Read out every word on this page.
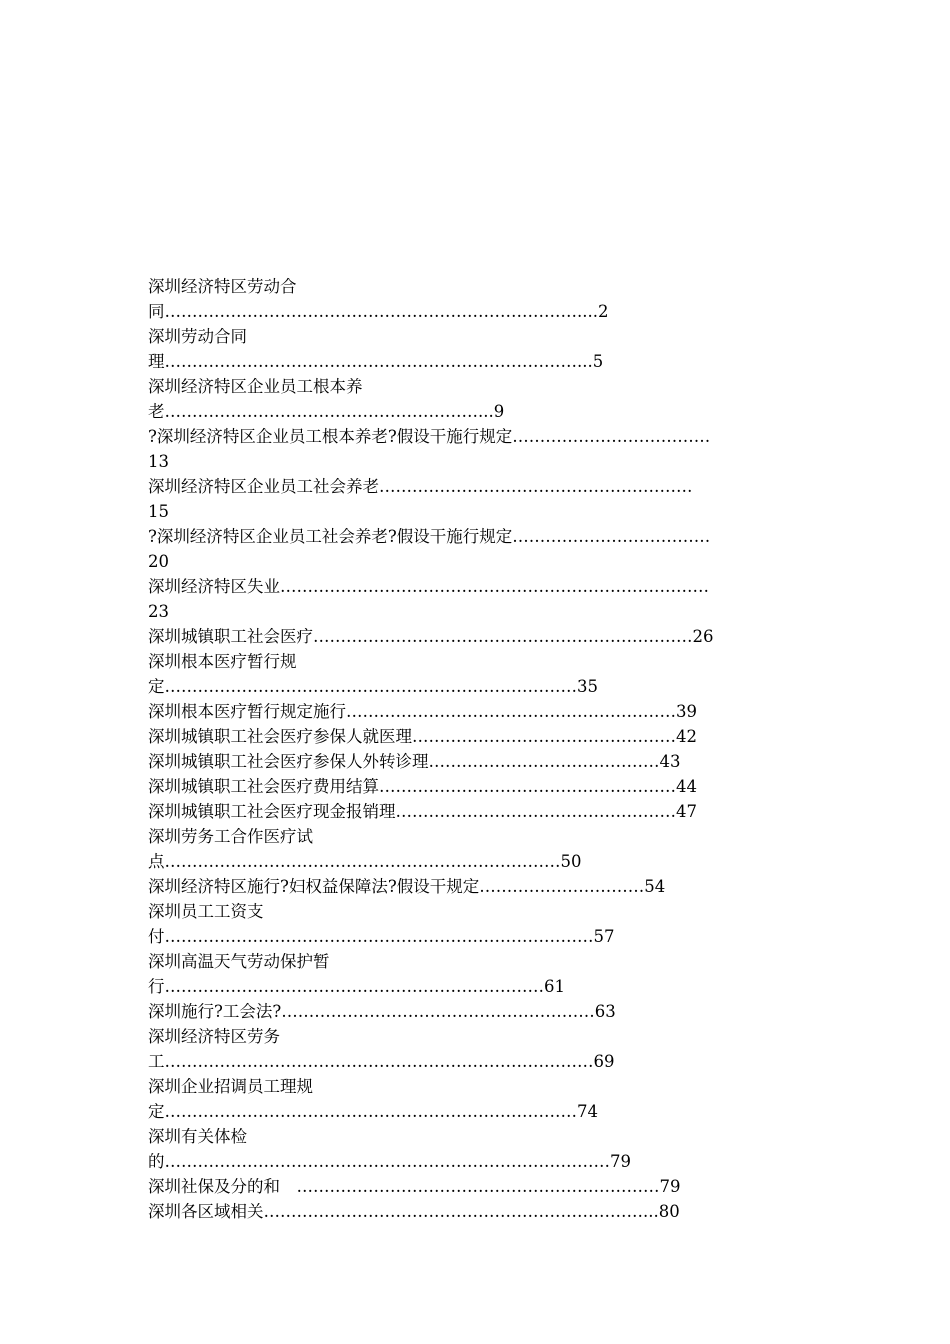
深圳经济特区劳动合
同…………………………………………………………………....2
深圳劳动合同
理…………………………………………………………………...5
深圳经济特区企业员工根本养
老…………………………………………………...9
?深圳经济特区企业员工根本养老?假设干施行规定………………………………
13
深圳经济特区企业员工社会养老…………………………………………………
15
?深圳经济特区企业员工社会养老?假设干施行规定………………………………
20
深圳经济特区失业……………………………………………………………………
23
深圳城镇职工社会医疗……………………………………………………………26
深圳根本医疗暂行规
定…………………………………………………………………35
深圳根本医疗暂行规定施行……………………………………………………39
深圳城镇职工社会医疗参保人就医理…………………………………………42
深圳城镇职工社会医疗参保人外转诊理……………………………………43
深圳城镇职工社会医疗费用结算………………………………………………44
深圳城镇职工社会医疗现金报销理……………………………………………47
深圳劳务工合作医疗试
点………………………………………………………………50
深圳经济特区施行?妇权益保障法?假设干规定…………………………54
深圳员工工资支
付……………………………………………………………………57
深圳高温天气劳动保护暂
行……………………………………………………………61
深圳施行?工会法?…………………………………………………63
深圳经济特区劳务
工……………………………………………………………………69
深圳企业招调员工理规
定…………………………………………………………………74
深圳有关体检
的………………………………………………………………………79
深圳社保及分的和　…………………………………………………………79
深圳各区域相关……………………………………………………………...80
